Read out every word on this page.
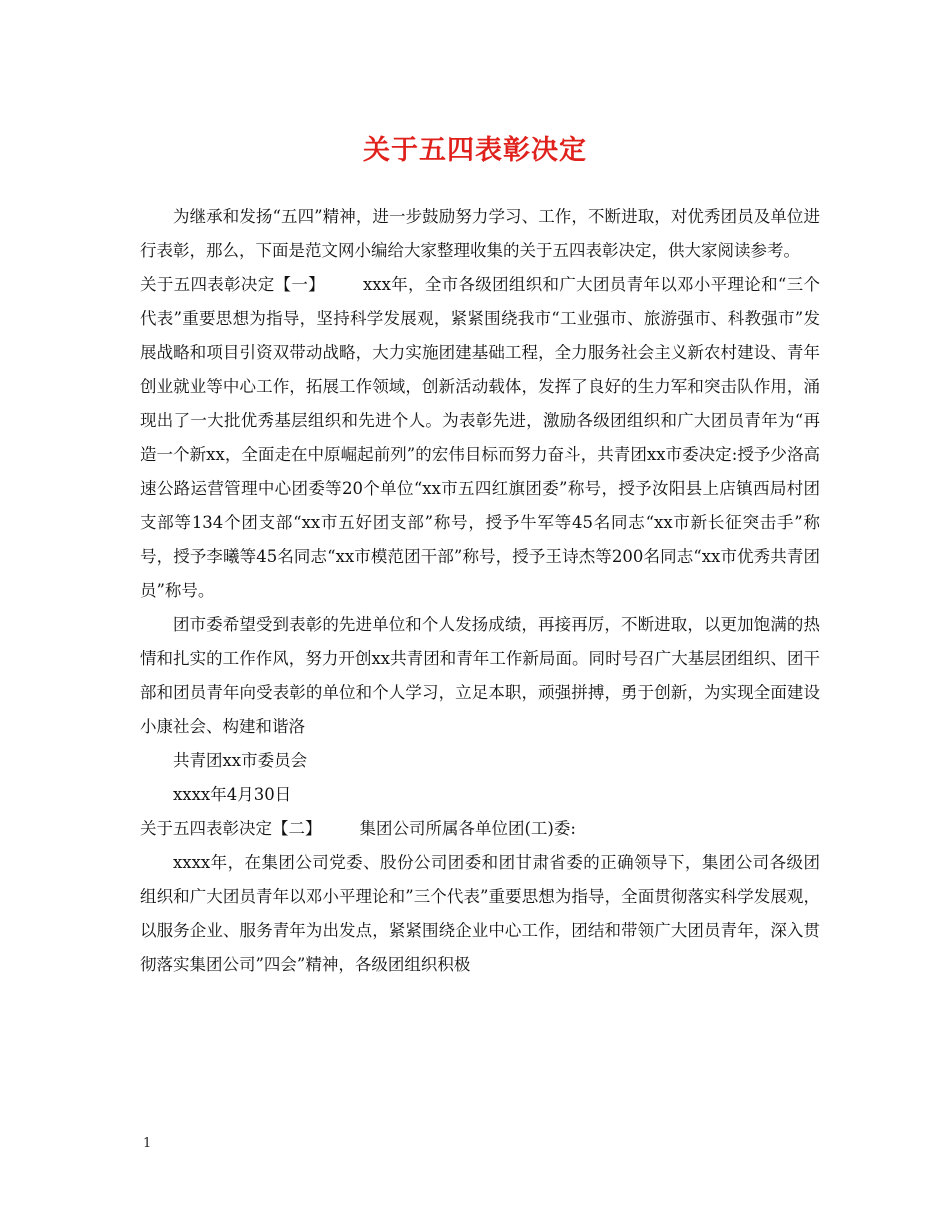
关于五四表彰决定

为继承和发扬“五四”精神，进一步鼓励努力学习、工作，不断进取，对优秀团员及单位进行表彰，那么，下面是范文网小编给大家整理收集的关于五四表彰决定，供大家阅读参考。

关于五四表彰决定【一】 xxx年，全市各级团组织和广大团员青年以邓小平理论和“三个代表”重要思想为指导，坚持科学发展观，紧紧围绕我市“工业强市、旅游强市、科教强市”发展战略和项目引资双带动战略，大力实施团建基础工程，全力服务社会主义新农村建设、青年创业就业等中心工作，拓展工作领域，创新活动载体，发挥了良好的生力军和突击队作用，涌现出了一大批优秀基层组织和先进个人。为表彰先进，激励各级团组织和广大团员青年为“再造一个新xx，全面走在中原崛起前列”的宏伟目标而努力奋斗，共青团xx市委决定:授予少洛高速公路运营管理中心团委等20个单位“xx市五四红旗团委”称号，授予汝阳县上店镇西局村团支部等134个团支部“xx市五好团支部”称号，授予牛军等45名同志“xx市新长征突击手”称号，授予李曦等45名同志“xx市模范团干部”称号，授予王诗杰等200名同志“xx市优秀共青团员”称号。

团市委希望受到表彰的先进单位和个人发扬成绩，再接再厉，不断进取，以更加饱满的热情和扎实的工作作风，努力开创xx共青团和青年工作新局面。同时号召广大基层团组织、团干部和团员青年向受表彰的单位和个人学习，立足本职，顽强拼搏，勇于创新，为实现全面建设小康社会、构建和谐洛

共青团xx市委员会

xxxx年4月30日

关于五四表彰决定【二】 集团公司所属各单位团(工)委:

xxxx年，在集团公司党委、股份公司团委和团甘肃省委的正确领导下，集团公司各级团组织和广大团员青年以邓小平理论和”三个代表”重要思想为指导，全面贯彻落实科学发展观，以服务企业、服务青年为出发点，紧紧围绕企业中心工作，团结和带领广大团员青年，深入贯彻落实集团公司”四会”精神，各级团组织积极

1
